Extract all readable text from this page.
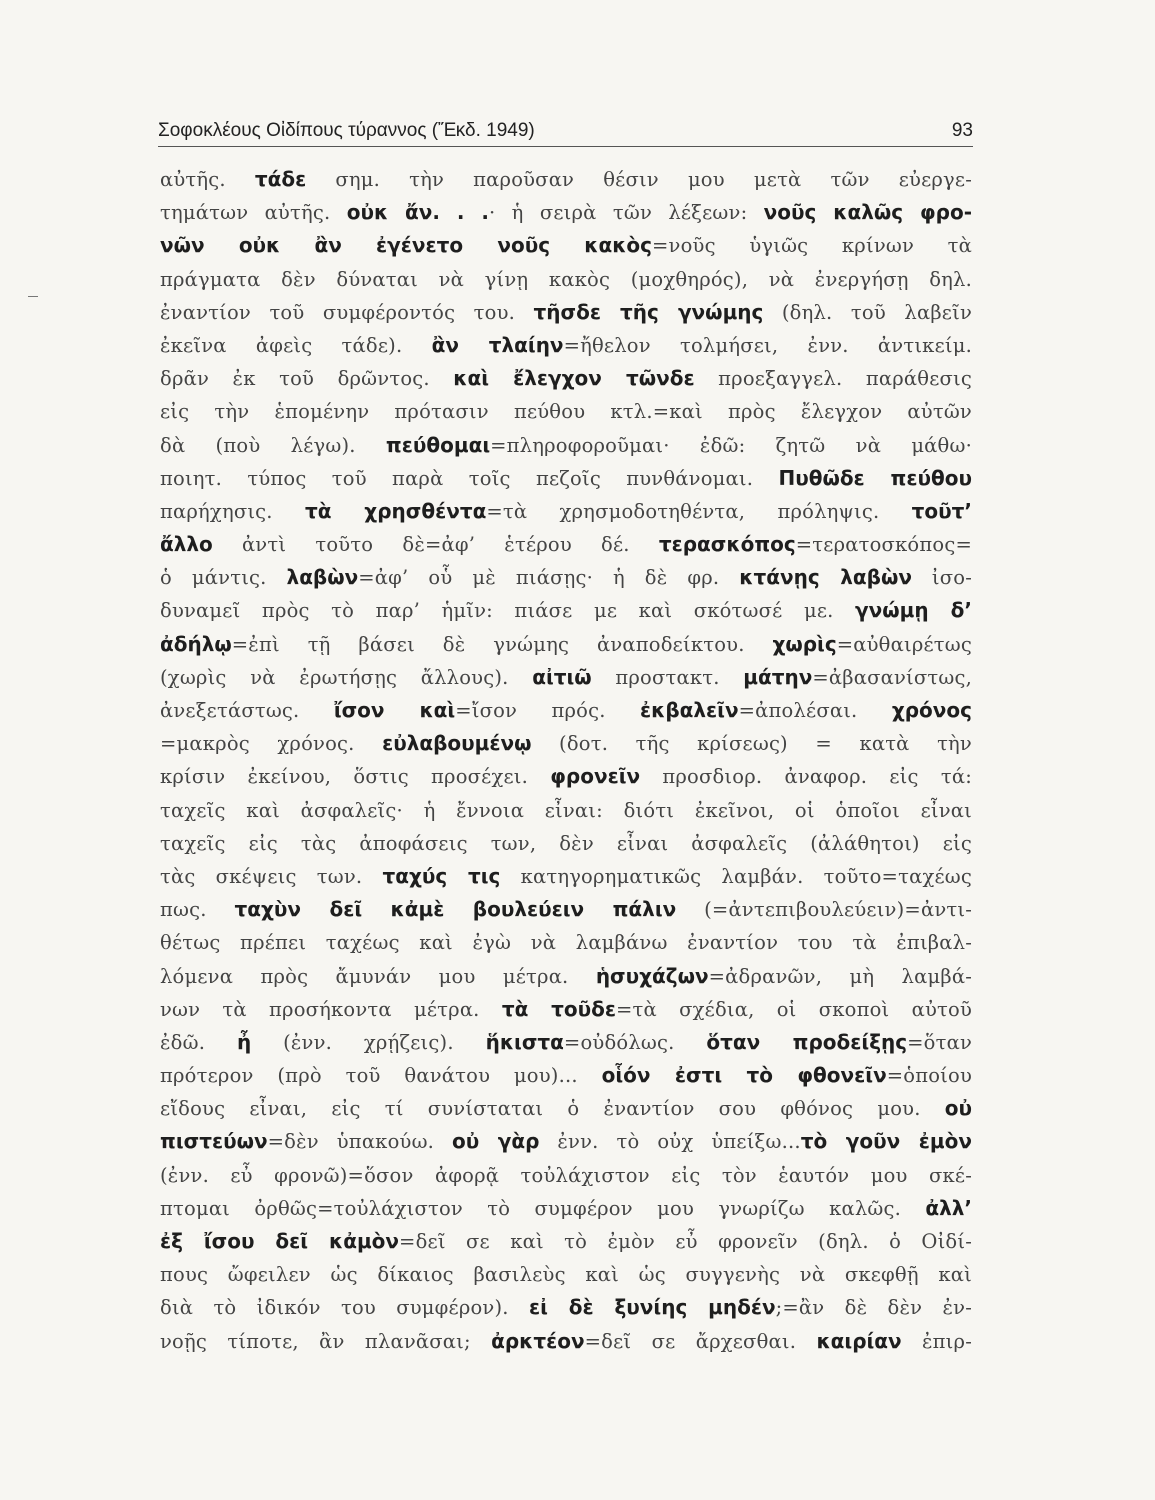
Σοφοκλέους Οἰδίπους τύραννος (Ἔκδ. 1949)	93
αὐτῆς. τάδε σημ. τὴν παροῦσαν θέσιν μου μετὰ τῶν εὐεργε-
τημάτων αὐτῆς. οὐκ ἄν. . .· ἡ σειρὰ τῶν λέξεων: νοῦς καλῶς φρο-
νῶν οὐκ ἂν ἐγένετο νοῦς κακὸς=νοῦς ὑγιῶς κρίνων τὰ
πράγματα δὲν δύναται νὰ γίνῃ κακὸς (μοχθηρός), νὰ ἐνεργήσῃ δηλ.
ἐναντίον τοῦ συμφέροντός του. τῆσδε τῆς γνώμης (δηλ. τοῦ λαβεῖν
ἐκεῖνα ἀφεὶς τάδε). ἂν τλαίην=ἤθελον τολμήσει, ἐνν. ἀντικείμ.
δρᾶν ἐκ τοῦ δρῶντος. καὶ ἔλεγχον τῶνδε προεξαγγελ. παράθεσις
εἰς τὴν ἑπομένην πρότασιν πεύθου κτλ.=καὶ πρὸς ἔλεγχον αὐτῶν
δὰ (ποὺ λέγω). πεύθομαι=πληροφοροῦμαι· ἐδῶ: ζητῶ νὰ μάθω·
ποιητ. τύπος τοῦ παρὰ τοῖς πεζοῖς πυνθάνομαι. Πυθῶδε πεύθου
παρήχησις. τὰ χρησθέντα=τὰ χρησμοδοτηθέντα, πρόληψις. τοῦτ’
ἄλλο ἀντὶ τοῦτο δὲ=ἀφ’ ἑτέρου δέ. τερασκόπος=τερατοσκόπος=
ὁ μάντις. λαβὼν=ἀφ’ οὗ μὲ πιάσῃς· ἡ δὲ φρ. κτάνῃς λαβὼν ἰσο-
δυναμεῖ πρὸς τὸ παρ’ ἡμῖν: πιάσε με καὶ σκότωσέ με. γνώμῃ δ’
ἀδήλῳ=ἐπὶ τῇ βάσει δὲ γνώμης ἀναποδείκτου. χωρὶς=αὐθαιρέτως
(χωρὶς νὰ ἐρωτήσῃς ἄλλους). αἰτιῶ προστακτ. μάτην=ἀβασανίστως,
ἀνεξετάστως. ἴσον καὶ=ἴσον πρός. ἐκβαλεῖν=ἀπολέσαι. χρόνος
=μακρὸς χρόνος. εὐλαβουμένῳ (δοτ. τῆς κρίσεως) = κατὰ τὴν
κρίσιν ἐκείνου, ὅστις προσέχει. φρονεῖν προσδιορ. ἀναφορ. εἰς τά:
ταχεῖς καὶ ἀσφαλεῖς· ἡ ἔννοια εἶναι: διότι ἐκεῖνοι, οἱ ὁποῖοι εἶναι
ταχεῖς εἰς τὰς ἀποφάσεις των, δὲν εἶναι ἀσφαλεῖς (ἀλάθητοι) εἰς
τὰς σκέψεις των. ταχύς τις κατηγορηματικῶς λαμβάν. τοῦτο=ταχέως
πως. ταχὺν δεῖ κἀμὲ βουλεύειν πάλιν (=ἀντεπιβουλεύειν)=ἀντι-
θέτως πρέπει ταχέως καὶ ἐγὼ νὰ λαμβάνω ἐναντίον του τὰ ἐπιβαλ-
λόμενα πρὸς ἄμυνάν μου μέτρα. ἡσυχάζων=ἀδρανῶν, μὴ λαμβά-
νων τὰ προσήκοντα μέτρα. τὰ τοῦδε=τὰ σχέδια, οἱ σκοποὶ αὐτοῦ
ἐδῶ. ἦ (ἐνν. χρῄζεις). ἥκιστα=οὐδόλως. ὅταν προδείξῃς=ὅταν
πρότερον (πρὸ τοῦ θανάτου μου)... οἷόν ἐστι τὸ φθονεῖν=ὁποίου
εἴδους εἶναι, εἰς τί συνίσταται ὁ ἐναντίον σου φθόνος μου. οὐ
πιστεύων=δὲν ὑπακούω. οὐ γὰρ ἐνν. τὸ οὐχ ὑπείξω...τὸ γοῦν ἐμὸν
(ἐνν. εὖ φρονῶ)=ὅσον ἀφορᾷ τοὐλάχιστον εἰς τὸν ἑαυτόν μου σκέ-
πτομαι ὀρθῶς=τοὐλάχιστον τὸ συμφέρον μου γνωρίζω καλῶς. ἀλλ’
ἐξ ἴσου δεῖ κἀμὸν=δεῖ σε καὶ τὸ ἐμὸν εὖ φρονεῖν (δηλ. ὁ Οἰδί-
πους ὤφειλεν ὡς δίκαιος βασιλεὺς καὶ ὡς συγγενὴς νὰ σκεφθῇ καὶ
διὰ τὸ ἰδικόν του συμφέρον). εἰ δὲ ξυνίης μηδέν;=ἂν δὲ δὲν ἐν-
νοῇς τίποτε, ἂν πλανᾶσαι; ἀρκτέον=δεῖ σε ἄρχεσθαι. καιρίαν ἐπιρ-
